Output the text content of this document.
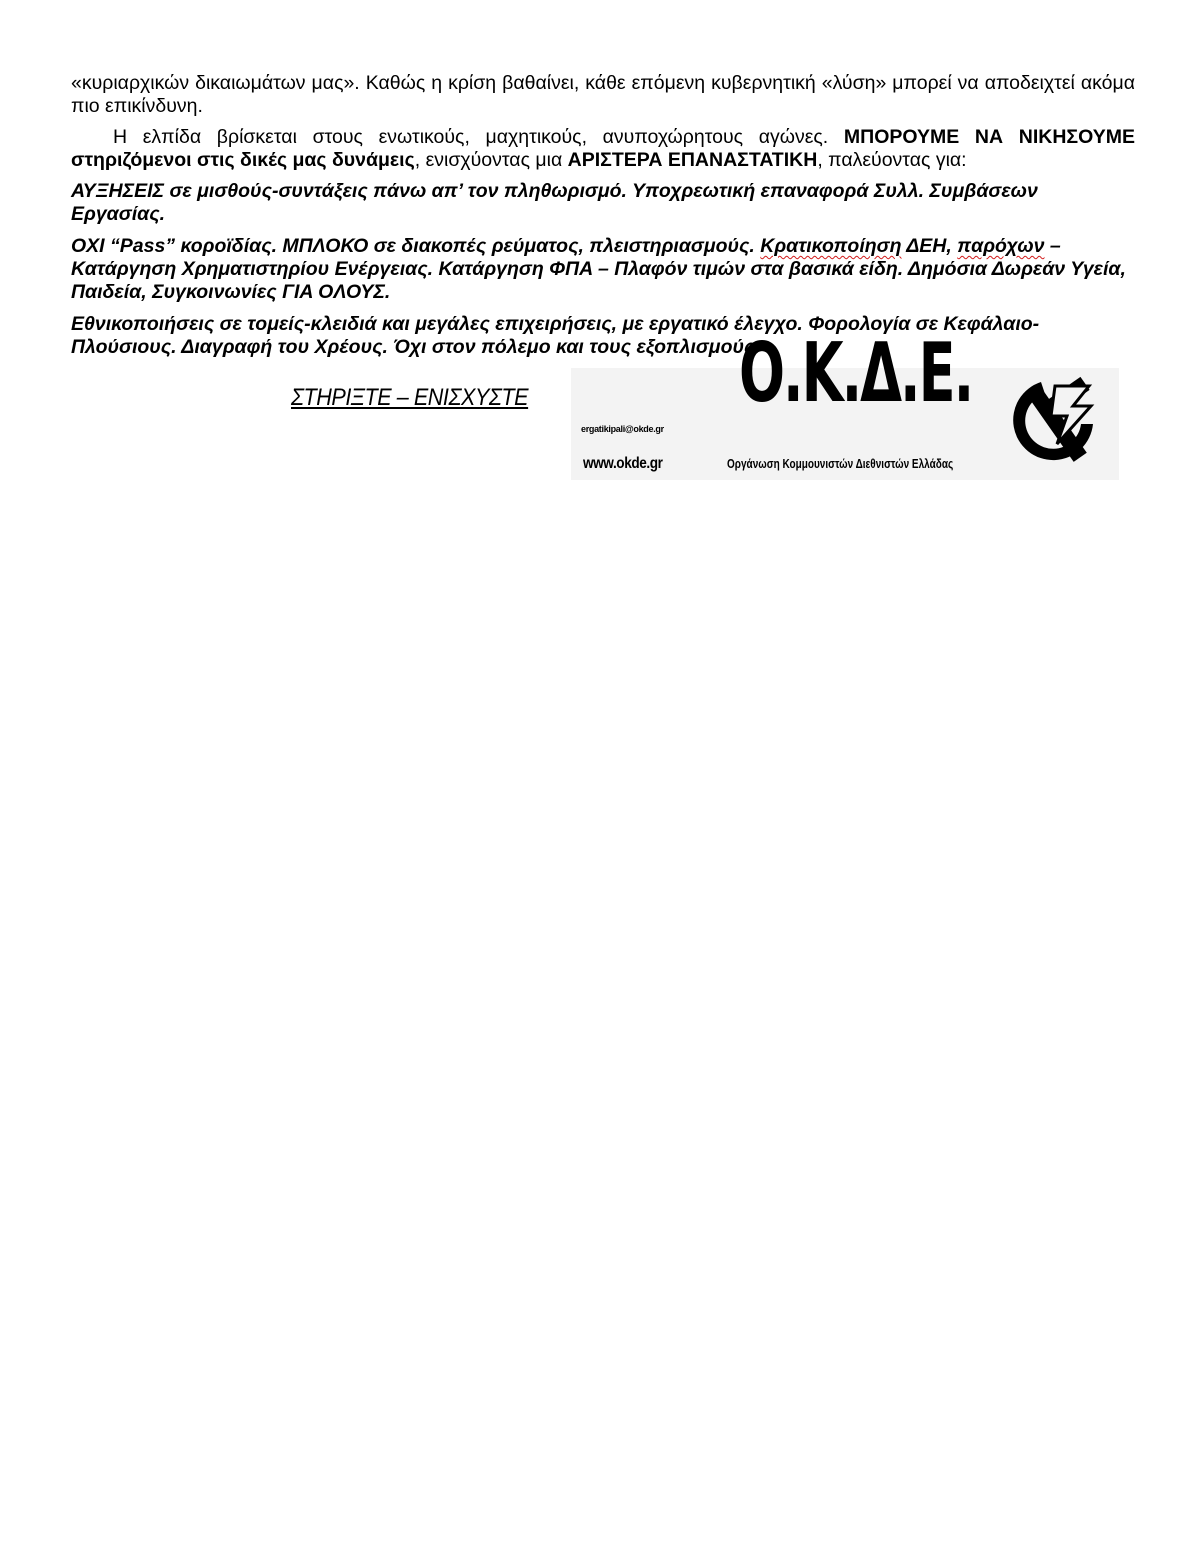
«κυριαρχικών δικαιωμάτων μας». Καθώς η κρίση βαθαίνει, κάθε επόμενη κυβερνητική «λύση» μπορεί να αποδειχτεί ακόμα πιο επικίνδυνη.

Η ελπίδα βρίσκεται στους ενωτικούς, μαχητικούς, ανυποχώρητους αγώνες. ΜΠΟΡΟΥΜΕ ΝΑ ΝΙΚΗΣΟΥΜΕ στηριζόμενοι στις δικές μας δυνάμεις, ενισχύοντας μια ΑΡΙΣΤΕΡΑ ΕΠΑΝΑΣΤΑΤΙΚΗ, παλεύοντας για:

ΑΥΞΗΣΕΙΣ σε μισθούς-συντάξεις πάνω απ’ τον πληθωρισμό. Υποχρεωτική επαναφορά Συλλ. Συμβάσεων Εργασίας.

ΟΧΙ “Pass” κοροϊδίας. ΜΠΛΟΚΟ σε διακοπές ρεύματος, πλειστηριασμούς. Κρατικοποίηση ΔΕΗ, παρόχων – Κατάργηση Χρηματιστηρίου Ενέργειας. Κατάργηση ΦΠΑ – Πλαφόν τιμών στα βασικά είδη. Δημόσια Δωρεάν Υγεία, Παιδεία, Συγκοινωνίες ΓΙΑ ΟΛΟΥΣ.

Εθνικοποιήσεις σε τομείς-κλειδιά και μεγάλες επιχειρήσεις, με εργατικό έλεγχο. Φορολογία σε Κεφάλαιο-Πλούσιους. Διαγραφή του Χρέους. Όχι στον πόλεμο και τους εξοπλισμούς.

ΣΤΗΡΙΞΤΕ – ΕΝΙΣΧΥΣΤΕ
ergatikipali@okde.gr
www.okde.gr
Ο.Κ.Δ.Ε.
Οργάνωση Κομμουνιστών Διεθνιστών Ελλάδας
